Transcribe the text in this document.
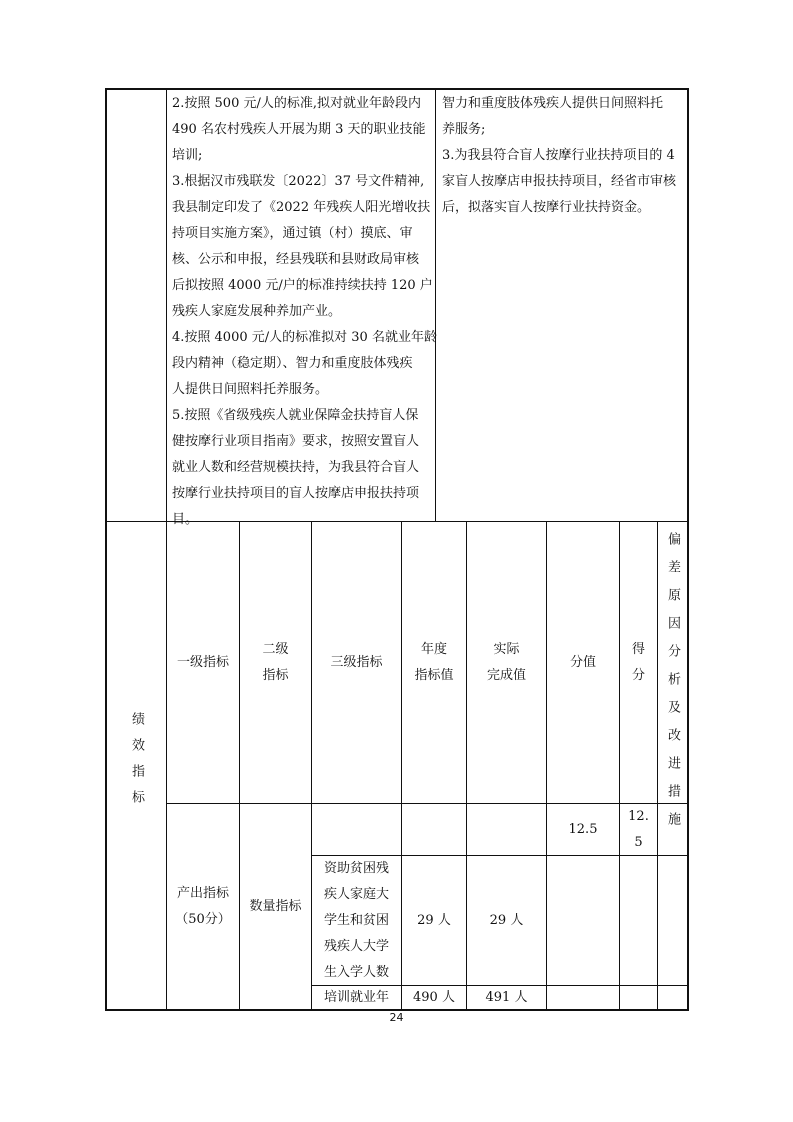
2.按照 500 元/人的标准,拟对就业年龄段内
490 名农村残疾人开展为期 3 天的职业技能
培训;
3.根据汉市残联发〔2022〕37 号文件精神,
我县制定印发了《2022 年残疾人阳光增收扶
持项目实施方案》，通过镇（村）摸底、审
核、公示和申报，经县残联和县财政局审核
后拟按照 4000 元/户的标准持续扶持 120 户
残疾人家庭发展种养加产业。
4.按照 4000 元/人的标准拟对 30 名就业年龄
段内精神（稳定期）、智力和重度肢体残疾
人提供日间照料托养服务。
5.按照《省级残疾人就业保障金扶持盲人保
健按摩行业项目指南》要求，按照安置盲人
就业人数和经营规模扶持，为我县符合盲人
按摩行业扶持项目的盲人按摩店申报扶持项
目。
智力和重度肢体残疾人提供日间照料托
养服务;
3.为我县符合盲人按摩行业扶持项目的 4
家盲人按摩店申报扶持项目，经省市审核
后，拟落实盲人按摩行业扶持资金。
绩效指标
一级指标
二级
指标
三级指标
年度
指标值
实际
完成值
分值
得
分 偏差原因分析及改进措施
产出指标
（50分）
数量指标
12.5
12.
5
资助贫困残
疾人家庭大
学生和贫困
残疾人大学
生入学人数
29 人	29 人
培训就业年 490 人 491 人
24
